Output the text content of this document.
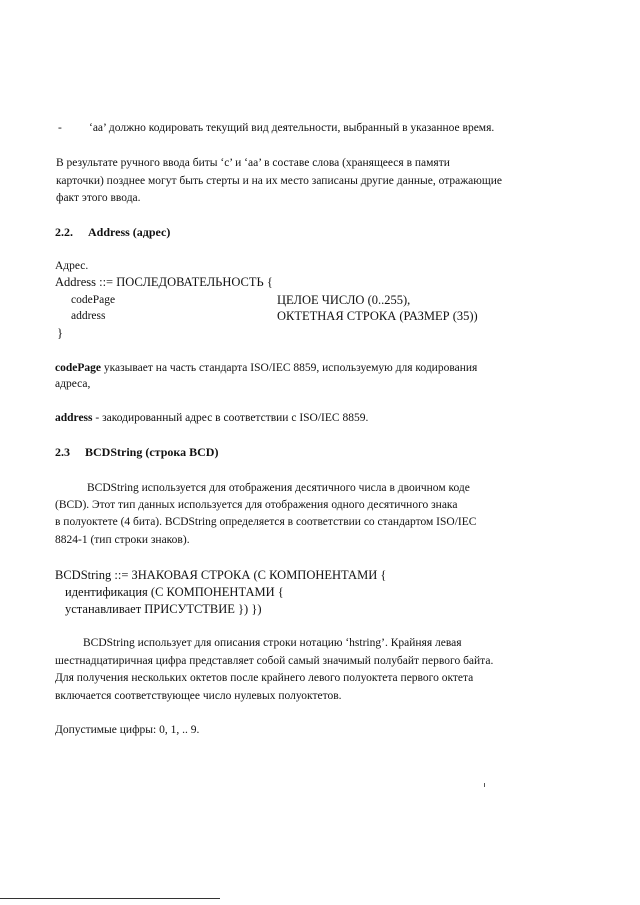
- ‘aa’ должно кодировать текущий вид деятельности, выбранный в указанное время.
В результате ручного ввода биты ‘с’ и ‘aa’ в составе слова (хранящееся в памяти
карточки) позднее могут быть стерты и на их место записаны другие данные, отражающие
факт этого ввода.
2.2. Address (адрес)
Адрес.
Address ::= ПОСЛЕДОВАТЕЛЬНОСТЬ {
codePage	ЦЕЛОЕ ЧИСЛО (0..255),
address	ОКТЕТНАЯ СТРОКА (РАЗМЕР (35))
}
codePage указывает на часть стандарта ISO/IEC 8859, используемую для кодирования
адреса,
address - закодированный адрес в соответствии с ISO/IEC 8859.
2.3 BCDString (строка BCD)
BCDString используется для отображения десятичного числа в двоичном коде
(BCD). Этот тип данных используется для отображения одного десятичного знака
в полуоктете (4 бита). BCDString определяется в соответствии со стандартом ISO/IEC
8824-1 (тип строки знаков).
BCDString ::= ЗНАКОВАЯ СТРОКА (С КОМПОНЕНТАМИ {
идентификация (С КОМПОНЕНТАМИ {
устанавливает ПРИСУТСТВИЕ }) })
BCDString использует для описания строки нотацию ‘hstring’. Крайняя левая
шестнадцатиричная цифра представляет собой самый значимый полубайт первого байта.
Для получения нескольких октетов после крайнего левого полуоктета первого октета
включается соответствующее число нулевых полуоктетов.
Допустимые цифры: 0, 1, .. 9.
